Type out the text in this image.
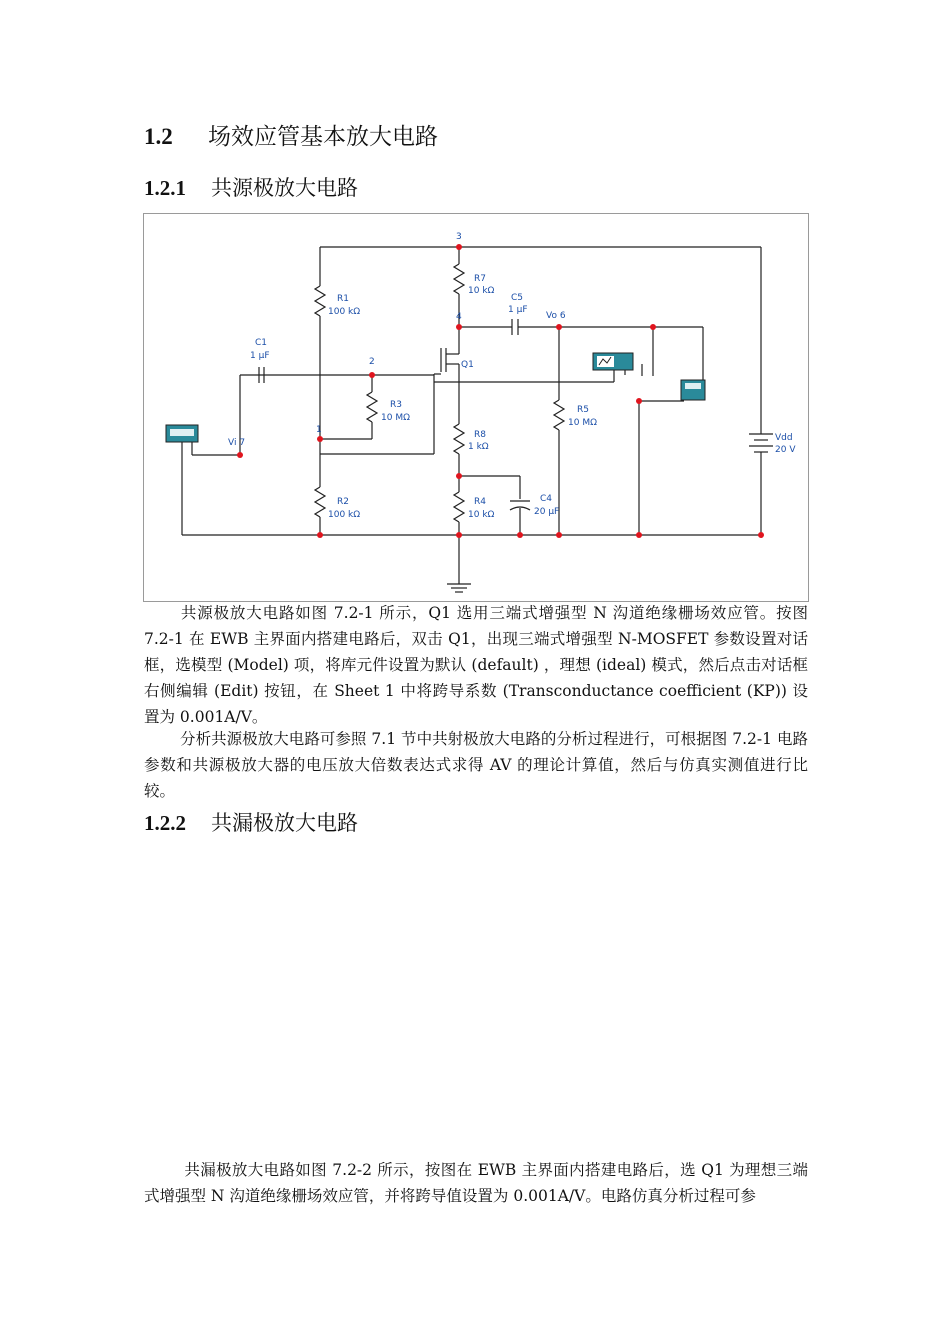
1.2 场效应管基本放大电路
1.2.1 共源极放大电路
3
R7
10 kΩ
R1
100 kΩ
C5
1 μF
Vo 6
4
C1
1 μF
2	Q1
R3
10 MΩ
R5
10 MΩ
1
Vi 7
R8
1 kΩ
Vdd
20 V
R2
100 kΩ
R4
10 kΩ
C4
20 μF

共源极放大电路如图 7.2-1 所示，Q1 选用三端式增强型 N 沟道绝缘栅场效应管。按图 7.2-1 在 EWB 主界面内搭建电路后，双击 Q1，出现三端式增强型 N-MOSFET 参数设置对话框，选模型 (Model) 项，将库元件设置为默认 (default) ，理想 (ideal) 模式，然后点击对话框右侧编辑 (Edit) 按钮，在 Sheet 1 中将跨导系数 (Transconductance coefficient (KP)) 设置为 0.001A/V。

分析共源极放大电路可参照 7.1 节中共射极放大电路的分析过程进行，可根据图 7.2-1 电路参数和共源极放大器的电压放大倍数表达式求得 AV 的理论计算值，然后与仿真实测值进行比较。

1.2.2 共漏极放大电路

共漏极放大电路如图 7.2-2 所示，按图在 EWB 主界面内搭建电路后，选 Q1 为理想三端式增强型 N 沟道绝缘栅场效应管，并将跨导值设置为 0.001A/V。电路仿真分析过程可参
